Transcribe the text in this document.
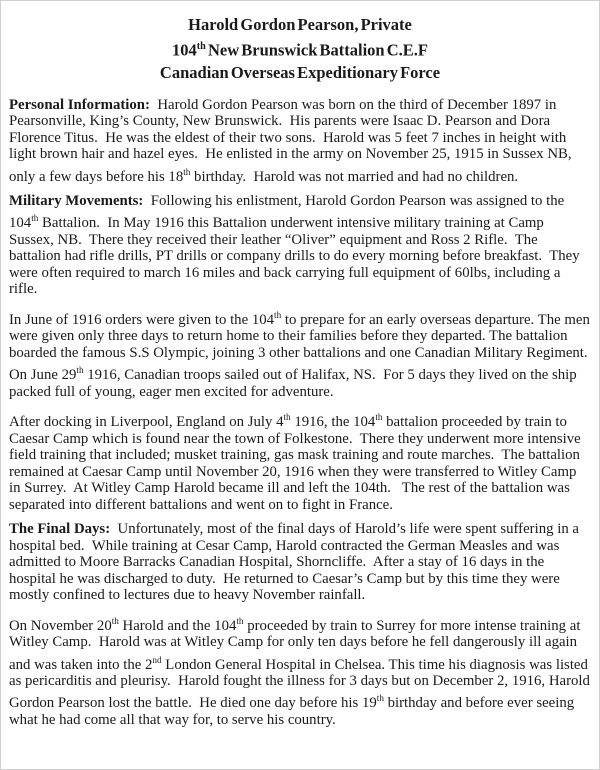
Harold Gordon Pearson, Private
104th New Brunswick Battalion C.E.F
Canadian Overseas Expeditionary Force

Personal Information:  Harold Gordon Pearson was born on the third of December 1897 in Pearsonville, King’s County, New Brunswick.  His parents were Isaac D. Pearson and Dora Florence Titus.  He was the eldest of their two sons.  Harold was 5 feet 7 inches in height with light brown hair and hazel eyes.  He enlisted in the army on November 25, 1915 in Sussex NB, only a few days before his 18th birthday.  Harold was not married and had no children.

Military Movements:  Following his enlistment, Harold Gordon Pearson was assigned to the 104th Battalion.  In May 1916 this Battalion underwent intensive military training at Camp Sussex, NB.  There they received their leather “Oliver” equipment and Ross 2 Rifle.  The battalion had rifle drills, PT drills or company drills to do every morning before breakfast.  They were often required to march 16 miles and back carrying full equipment of 60lbs, including a rifle.

In June of 1916 orders were given to the 104th to prepare for an early overseas departure. The men were given only three days to return home to their families before they departed. The battalion boarded the famous S.S Olympic, joining 3 other battalions and one Canadian Military Regiment.  On June 29th 1916, Canadian troops sailed out of Halifax, NS.  For 5 days they lived on the ship packed full of young, eager men excited for adventure.

After docking in Liverpool, England on July 4th 1916, the 104th battalion proceeded by train to Caesar Camp which is found near the town of Folkestone.  There they underwent more intensive field training that included; musket training, gas mask training and route marches.  The battalion remained at Caesar Camp until November 20, 1916 when they were transferred to Witley Camp in Surrey.  At Witley Camp Harold became ill and left the 104th.   The rest of the battalion was separated into different battalions and went on to fight in France.

The Final Days:  Unfortunately, most of the final days of Harold’s life were spent suffering in a hospital bed.  While training at Cesar Camp, Harold contracted the German Measles and was admitted to Moore Barracks Canadian Hospital, Shorncliffe.  After a stay of 16 days in the hospital he was discharged to duty.  He returned to Caesar’s Camp but by this time they were mostly confined to lectures due to heavy November rainfall.

On November 20th Harold and the 104th proceeded by train to Surrey for more intense training at Witley Camp.  Harold was at Witley Camp for only ten days before he fell dangerously ill again and was taken into the 2nd London General Hospital in Chelsea. This time his diagnosis was listed as pericarditis and pleurisy.  Harold fought the illness for 3 days but on December 2, 1916, Harold Gordon Pearson lost the battle.  He died one day before his 19th birthday and before ever seeing what he had come all that way for, to serve his country.
